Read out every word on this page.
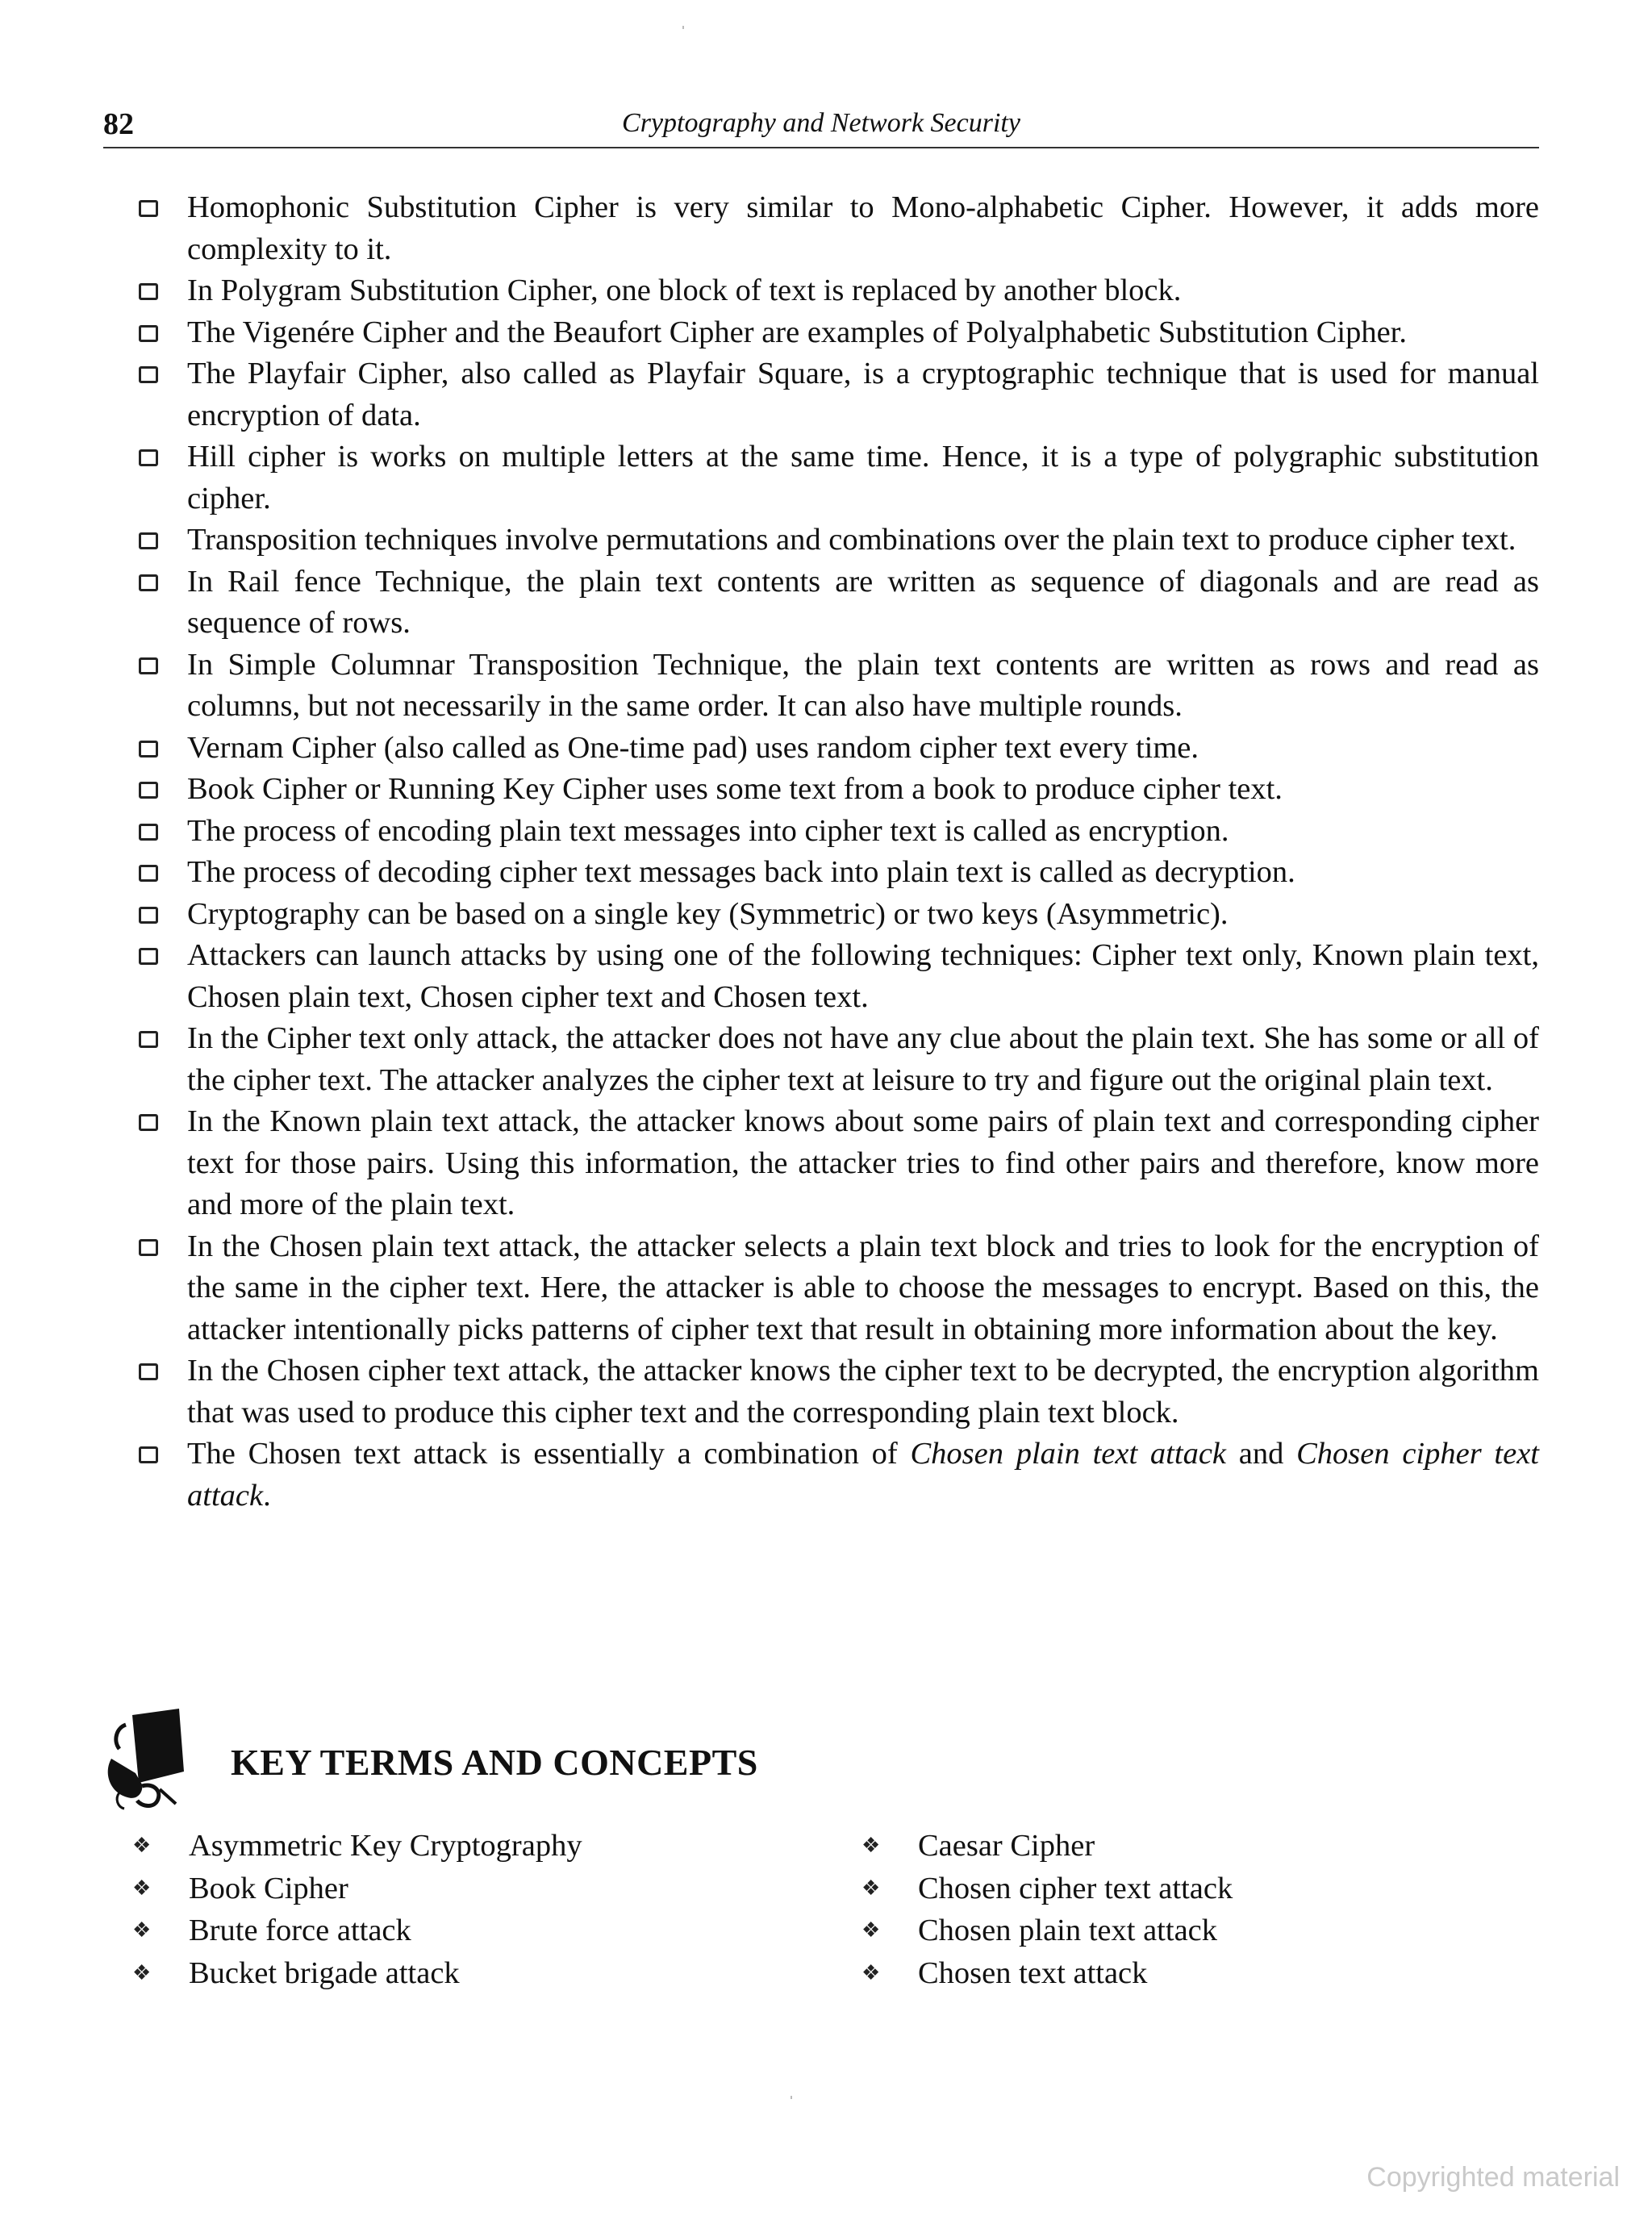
82	Cryptography and Network Security
Homophonic Substitution Cipher is very similar to Mono-alphabetic Cipher. However, it adds more complexity to it.
In Polygram Substitution Cipher, one block of text is replaced by another block.
The Vigenére Cipher and the Beaufort Cipher are examples of Polyalphabetic Substitution Cipher.
The Playfair Cipher, also called as Playfair Square, is a cryptographic technique that is used for manual encryption of data.
Hill cipher is works on multiple letters at the same time. Hence, it is a type of polygraphic substitution cipher.
Transposition techniques involve permutations and combinations over the plain text to produce cipher text.
In Rail fence Technique, the plain text contents are written as sequence of diagonals and are read as sequence of rows.
In Simple Columnar Transposition Technique, the plain text contents are written as rows and read as columns, but not necessarily in the same order. It can also have multiple rounds.
Vernam Cipher (also called as One-time pad) uses random cipher text every time.
Book Cipher or Running Key Cipher uses some text from a book to produce cipher text.
The process of encoding plain text messages into cipher text is called as encryption.
The process of decoding cipher text messages back into plain text is called as decryption.
Cryptography can be based on a single key (Symmetric) or two keys (Asymmetric).
Attackers can launch attacks by using one of the following techniques: Cipher text only, Known plain text, Chosen plain text, Chosen cipher text and Chosen text.
In the Cipher text only attack, the attacker does not have any clue about the plain text. She has some or all of the cipher text. The attacker analyzes the cipher text at leisure to try and figure out the original plain text.
In the Known plain text attack, the attacker knows about some pairs of plain text and corresponding cipher text for those pairs. Using this information, the attacker tries to find other pairs and therefore, know more and more of the plain text.
In the Chosen plain text attack, the attacker selects a plain text block and tries to look for the encryption of the same in the cipher text. Here, the attacker is able to choose the messages to encrypt. Based on this, the attacker intentionally picks patterns of cipher text that result in obtaining more information about the key.
In the Chosen cipher text attack, the attacker knows the cipher text to be decrypted, the encryption algorithm that was used to produce this cipher text and the corresponding plain text block.
The Chosen text attack is essentially a combination of Chosen plain text attack and Chosen cipher text attack.
KEY TERMS AND CONCEPTS
❖ Asymmetric Key Cryptography
❖ Book Cipher
❖ Brute force attack
❖ Bucket brigade attack
❖ Caesar Cipher
❖ Chosen cipher text attack
❖ Chosen plain text attack
❖ Chosen text attack
Copyrighted material
